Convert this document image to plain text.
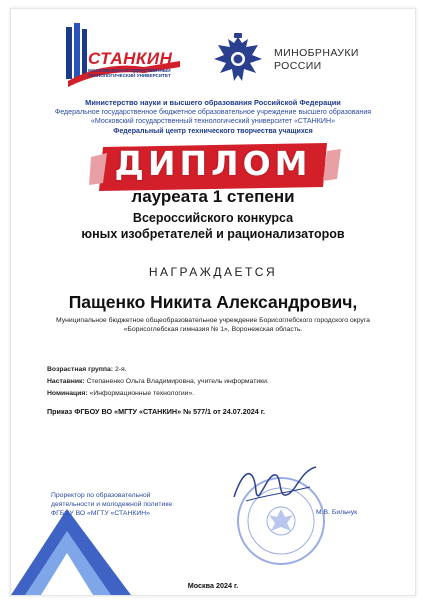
СТАНКИН
МОСКОВСКИЙ ГОСУДАРСТВЕННЫЙ ТЕХНОЛОГИЧЕСКИЙ УНИВЕРСИТЕТ
МИНОБРНАУКИ
РОССИИ
Министерство науки и высшего образования Российской Федерации
Федеральное государственное бюджетное образовательное учреждение высшего образования
«Московский государственный технологический университет «СТАНКИН»
Федеральный центр технического творчества учащихся
ДИПЛОМ
лауреата 1 степени
Всероссийского конкурса
юных изобретателей и рационализаторов
НАГРАЖДАЕТСЯ
Пащенко Никита Александрович,
Муниципальное бюджетное общеобразовательное учреждение Борисоглебского городского округа
«Борисоглебская гимназия № 1», Воронежская область.
Возрастная группа: 2-я.
Наставник: Степаненко Ольга Владимировна, учитель информатики.
Номинация: «Информационные технологии».
Приказ ФГБОУ ВО «МГТУ «СТАНКИН» № 577/1 от 24.07.2024 г.
Проректор по образовательной
деятельности и молодежной политике
ФГБОУ ВО «МГТУ «СТАНКИН»	М.В. Бильчук
Москва 2024 г.
